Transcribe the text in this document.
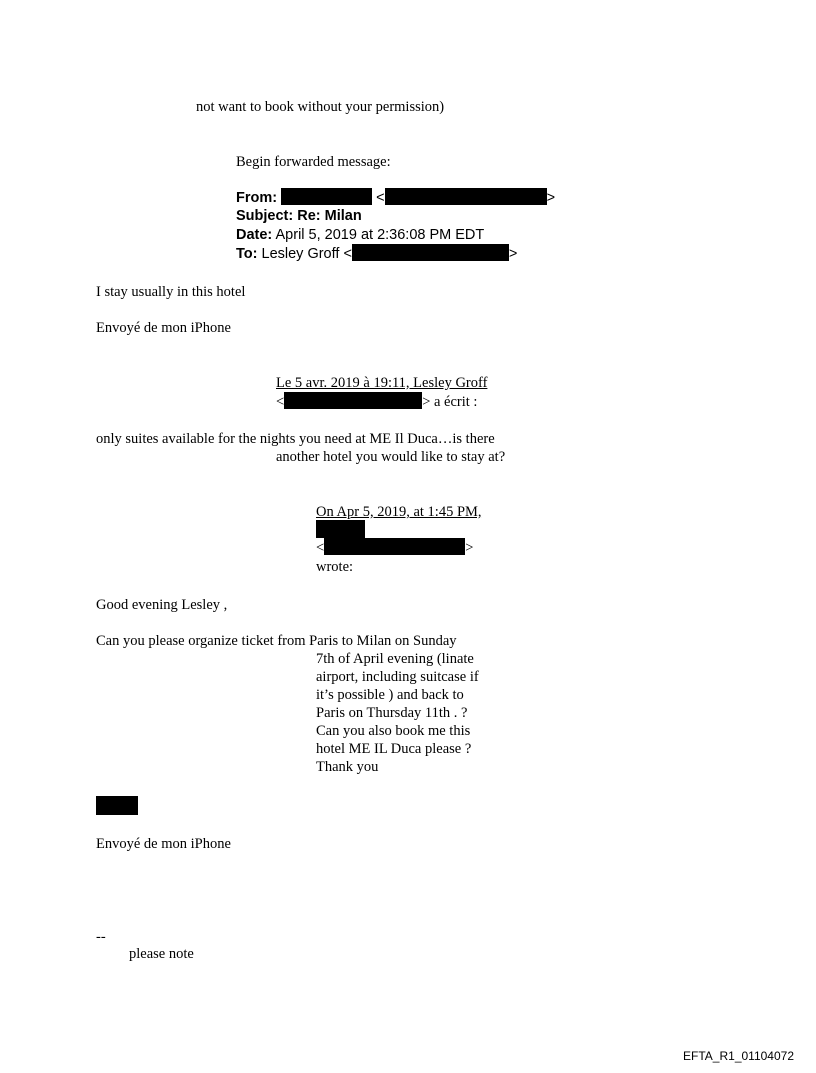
not want to book without your permission)
Begin forwarded message:
From:	<	>
Subject: Re: Milan
Date: April 5, 2019 at 2:36:08 PM EDT
To: Lesley Groff <	>
I stay usually in this hotel
Envoyé de mon iPhone
Le 5 avr. 2019 à 19:11, Lesley Groff
<	> a écrit :
only suites available for the nights you need at ME Il Duca…is there
another hotel you would like to stay at?
On Apr 5, 2019, at 1:45 PM,
<	>
wrote:
Good evening Lesley ,
Can you please organize ticket from Paris to Milan on Sunday
7th of April evening (linate
airport, including suitcase if
it’s possible ) and back to
Paris on Thursday 11th . ?
Can you also book me this
hotel ME IL Duca please ?
Thank you
Envoyé de mon iPhone
--
please note
EFTA_R1_01104072
